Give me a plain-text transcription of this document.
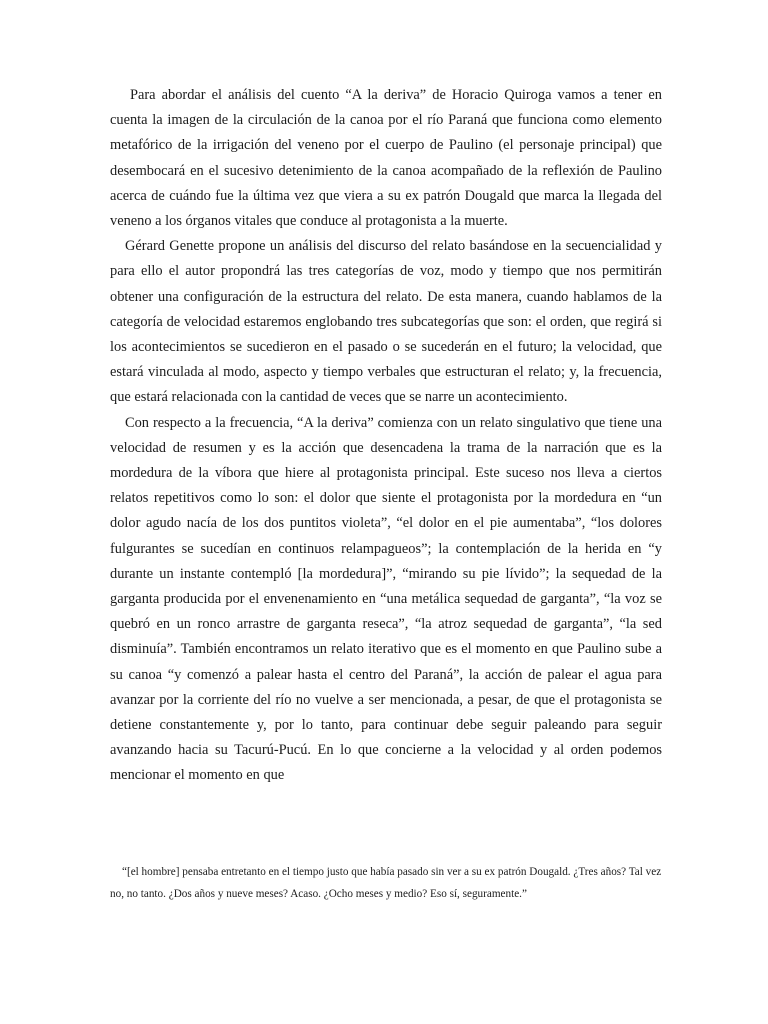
Para abordar el análisis del cuento “A la deriva” de Horacio Quiroga vamos a tener en cuenta la imagen de la circulación de la canoa por el río Paraná que funciona como elemento metafórico de la irrigación del veneno por el cuerpo de Paulino (el personaje principal) que desembocará en el sucesivo detenimiento de la canoa acompañado de la reflexión de Paulino acerca de cuándo fue la última vez que viera a su ex patrón Dougald que marca la llegada del veneno a los órganos vitales que conduce al protagonista a la muerte.

Gérard Genette propone un análisis del discurso del relato basándose en la secuencialidad y para ello el autor propondrá las tres categorías de voz, modo y tiempo que nos permitirán obtener una configuración de la estructura del relato. De esta manera, cuando hablamos de la categoría de velocidad estaremos englobando tres subcategorías que son: el orden, que regirá si los acontecimientos se sucedieron en el pasado o se sucederán en el futuro; la velocidad, que estará vinculada al modo, aspecto y tiempo verbales que estructuran el relato; y, la frecuencia, que estará relacionada con la cantidad de veces que se narre un acontecimiento.

Con respecto a la frecuencia, “A la deriva” comienza con un relato singulativo que tiene una velocidad de resumen y es la acción que desencadena la trama de la narración que es la mordedura de la víbora que hiere al protagonista principal. Este suceso nos lleva a ciertos relatos repetitivos como lo son: el dolor que siente el protagonista por la mordedura en “un dolor agudo nacía de los dos puntitos violeta”, “el dolor en el pie aumentaba”, “los dolores fulgurantes se sucedían en continuos relampagueos”; la contemplación de la herida en “y durante un instante contempló [la mordedura]”, “mirando su pie lívido”; la sequedad de la garganta producida por el envenenamiento en “una metálica sequedad de garganta”, “la voz se quebró en un ronco arrastre de garganta reseca”, “la atroz sequedad de garganta”, “la sed disminuía”. También encontramos un relato iterativo que es el momento en que Paulino sube a su canoa “y comenzó a palear hasta el centro del Paraná”, la acción de palear el agua para avanzar por la corriente del río no vuelve a ser mencionada, a pesar, de que el protagonista se detiene constantemente y, por lo tanto, para continuar debe seguir paleando para seguir avanzando hacia su Tacurú-Pucú. En lo que concierne a la velocidad y al orden podemos mencionar el momento en que

“[el hombre] pensaba entretanto en el tiempo justo que había pasado sin ver a su ex patrón Dougald. ¿Tres años? Tal vez no, no tanto. ¿Dos años y nueve meses? Acaso. ¿Ocho meses y medio? Eso sí, seguramente.”
